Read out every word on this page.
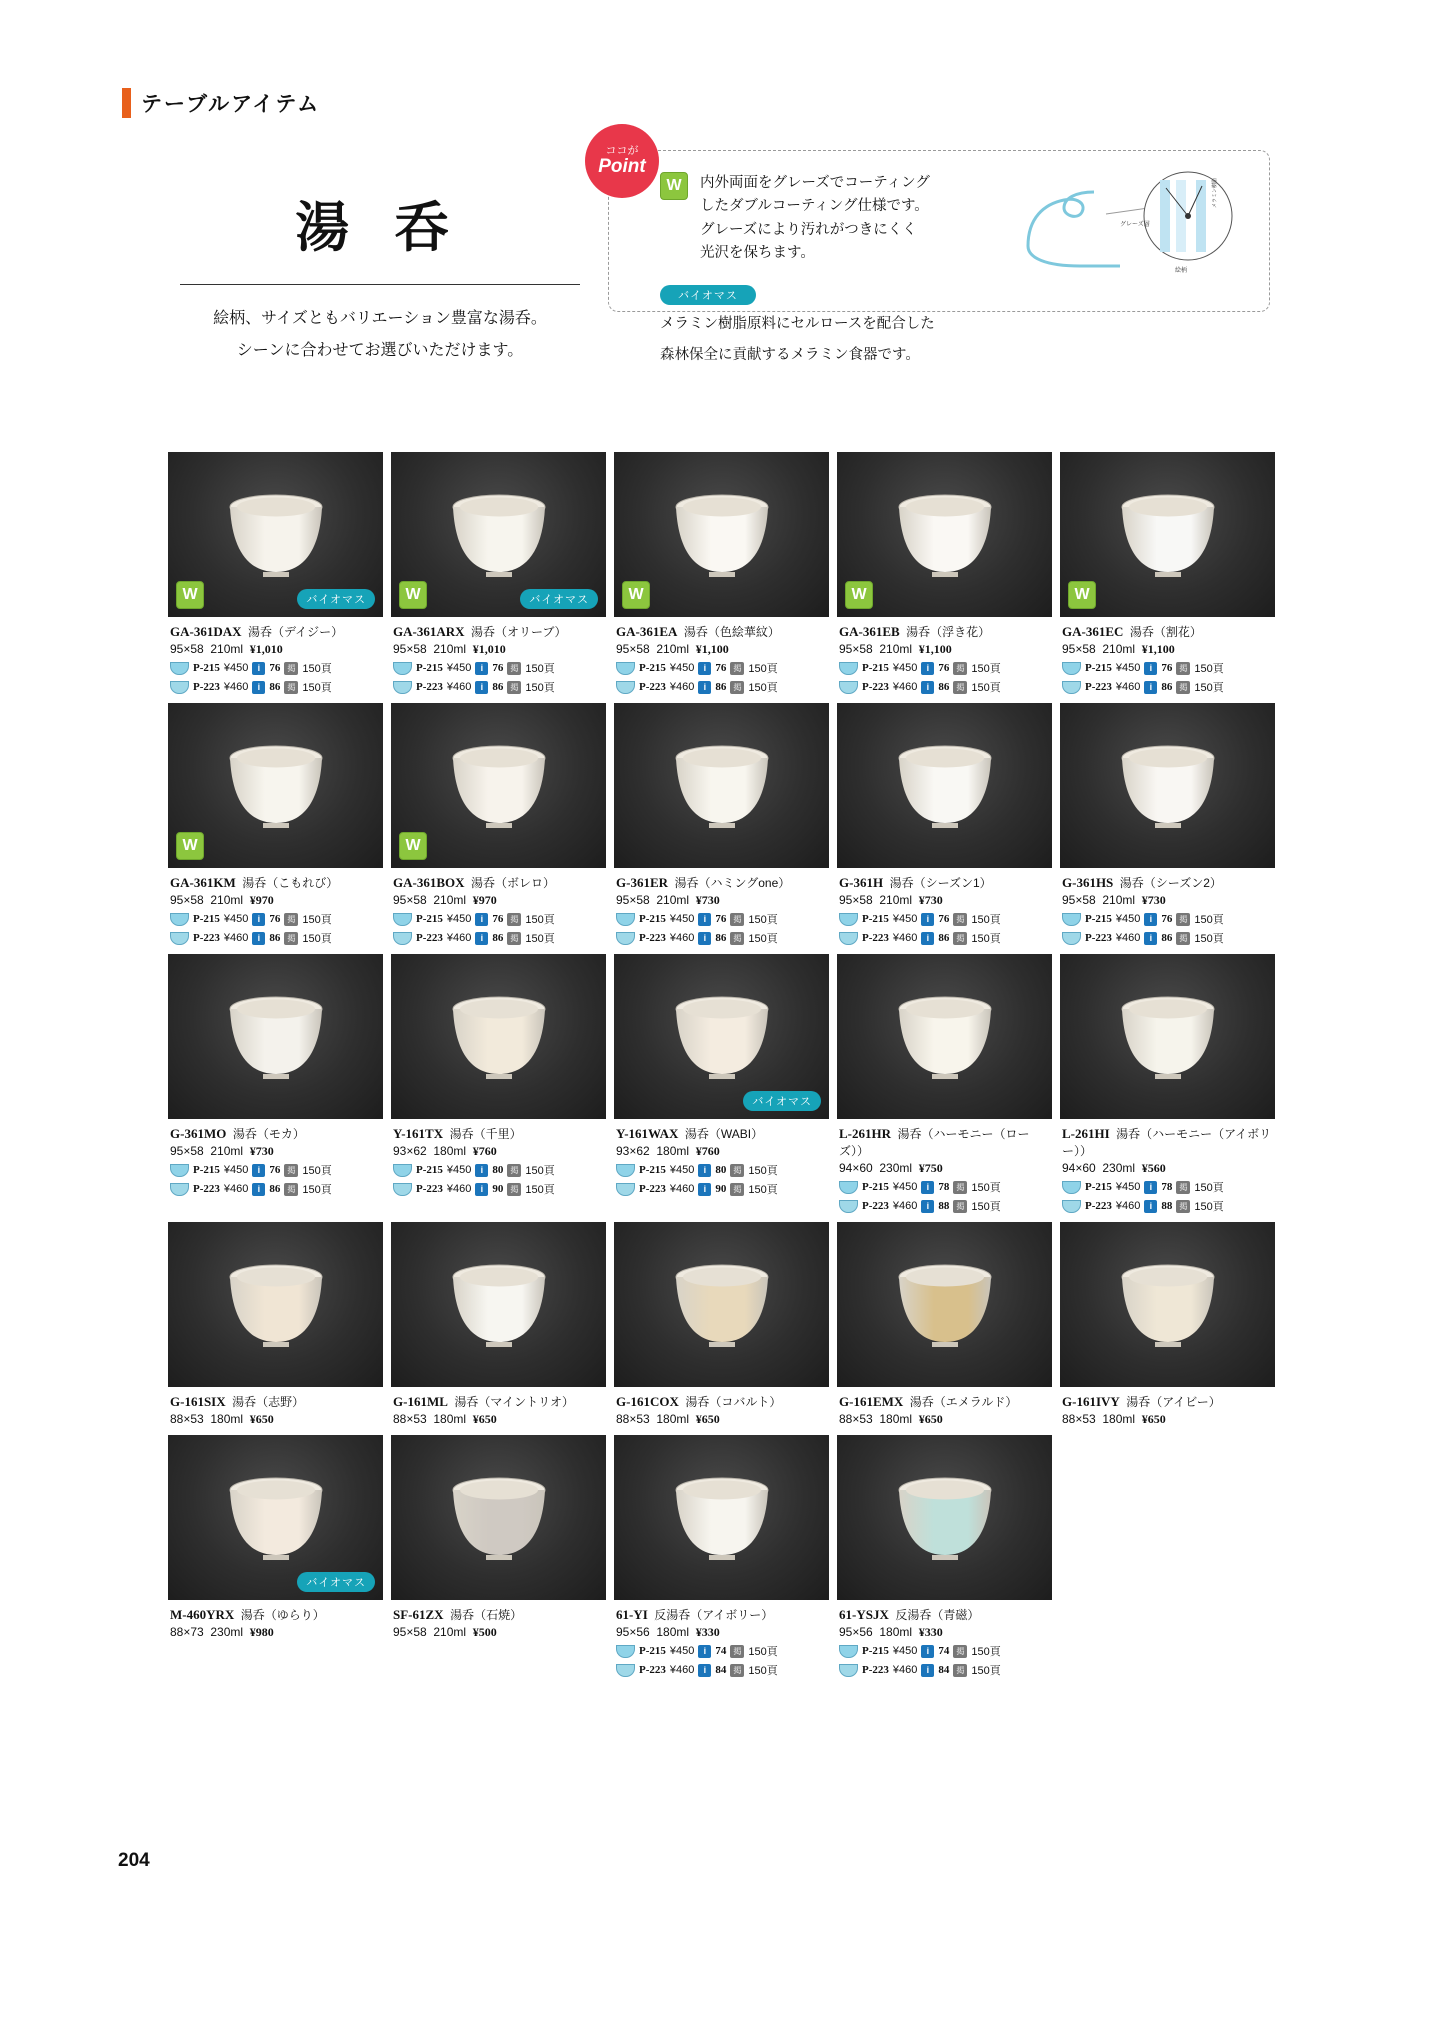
テーブルアイテム
湯 呑
絵柄、サイズともバリエーション豊富な湯呑。
シーンに合わせてお選びいただけます。
ココが
Point
W	内外両面をグレーズでコーティング
したダブルコーティング仕様です。
グレーズにより汚れがつきにくく
光沢を保ちます。
バイオマス
メラミン樹脂原料にセルロースを配合した
森林保全に貢献するメラミン食器です。
グレーズ層
絵柄
メラミン樹脂
W	バイオマス
GA-361DAX  湯呑（デイジー）
95×58  210ml  ¥1,010
P-215 ¥450	i 76 掲 150頁
P-223 ¥460	i 86 掲 150頁
W	バイオマス
GA-361ARX  湯呑（オリーブ）
95×58  210ml  ¥1,010
P-215 ¥450	i 76 掲 150頁
P-223 ¥460	i 86 掲 150頁
W
GA-361EA  湯呑（色絵華紋）
95×58  210ml  ¥1,100
P-215 ¥450	i 76 掲 150頁
P-223 ¥460	i 86 掲 150頁
W
GA-361EB  湯呑（浮き花）
95×58  210ml  ¥1,100
P-215 ¥450	i 76 掲 150頁
P-223 ¥460	i 86 掲 150頁
W
GA-361EC  湯呑（割花）
95×58  210ml  ¥1,100
P-215 ¥450	i 76 掲 150頁
P-223 ¥460	i 86 掲 150頁
W
GA-361KM  湯呑（こもれび）
95×58  210ml  ¥970
P-215 ¥450	i 76 掲 150頁
P-223 ¥460	i 86 掲 150頁
W
GA-361BOX  湯呑（ボレロ）
95×58  210ml  ¥970
P-215 ¥450	i 76 掲 150頁
P-223 ¥460	i 86 掲 150頁
G-361ER  湯呑（ハミングone）
95×58  210ml  ¥730
P-215 ¥450	i 76 掲 150頁
P-223 ¥460	i 86 掲 150頁
G-361H  湯呑（シーズン1）
95×58  210ml  ¥730
P-215 ¥450	i 76 掲 150頁
P-223 ¥460	i 86 掲 150頁
G-361HS  湯呑（シーズン2）
95×58  210ml  ¥730
P-215 ¥450	i 76 掲 150頁
P-223 ¥460	i 86 掲 150頁
G-361MO  湯呑（モカ）
95×58  210ml  ¥730
P-215 ¥450	i 76 掲 150頁
P-223 ¥460	i 86 掲 150頁
Y-161TX  湯呑（千里）
93×62  180ml  ¥760
P-215 ¥450	i 80 掲 150頁
P-223 ¥460	i 90 掲 150頁
バイオマス
Y-161WAX  湯呑（WABI）
93×62  180ml  ¥760
P-215 ¥450	i 80 掲 150頁
P-223 ¥460	i 90 掲 150頁
L-261HR  湯呑（ハーモニー（ローズ））
94×60  230ml  ¥750
P-215 ¥450	i 78 掲 150頁
P-223 ¥460	i 88 掲 150頁
L-261HI  湯呑（ハーモニー（アイボリー））
94×60  230ml  ¥560
P-215 ¥450	i 78 掲 150頁
P-223 ¥460	i 88 掲 150頁
G-161SIX  湯呑（志野）
88×53  180ml  ¥650
G-161ML  湯呑（マイントリオ）
88×53  180ml  ¥650
G-161COX  湯呑（コバルト）
88×53  180ml  ¥650
G-161EMX  湯呑（エメラルド）
88×53  180ml  ¥650
G-161IVY  湯呑（アイビー）
88×53  180ml  ¥650
バイオマス
M-460YRX  湯呑（ゆらり）
88×73  230ml  ¥980
SF-61ZX  湯呑（石焼）
95×58  210ml  ¥500
61-YI  反湯呑（アイボリー）
95×56  180ml  ¥330
P-215 ¥450	i 74 掲 150頁
P-223 ¥460	i 84 掲 150頁
61-YSJX  反湯呑（青磁）
95×56  180ml  ¥330
P-215 ¥450	i 74 掲 150頁
P-223 ¥460	i 84 掲 150頁
204
